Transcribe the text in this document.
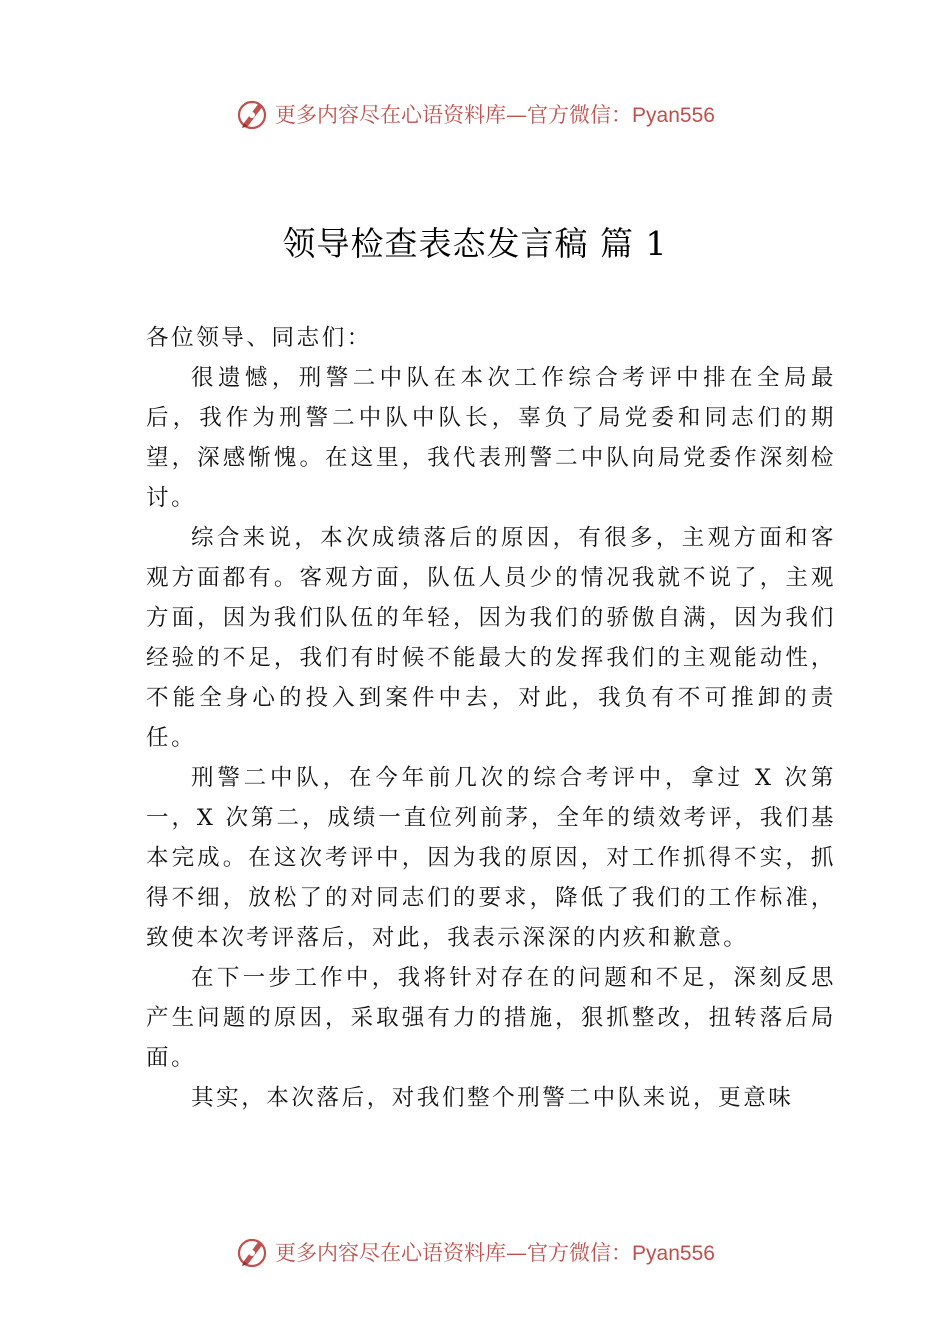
更多内容尽在心语资料库—官方微信：Pyan556
领导检查表态发言稿 篇 1

各位领导、同志们：

很遗憾，刑警二中队在本次工作综合考评中排在全局最后，我作为刑警二中队中队长，辜负了局党委和同志们的期望，深感惭愧。在这里，我代表刑警二中队向局党委作深刻检讨。

综合来说，本次成绩落后的原因，有很多，主观方面和客观方面都有。客观方面，队伍人员少的情况我就不说了，主观方面，因为我们队伍的年轻，因为我们的骄傲自满，因为我们经验的不足，我们有时候不能最大的发挥我们的主观能动性，不能全身心的投入到案件中去，对此，我负有不可推卸的责任。

刑警二中队，在今年前几次的综合考评中，拿过 X 次第一，X 次第二，成绩一直位列前茅，全年的绩效考评，我们基本完成。在这次考评中，因为我的原因，对工作抓得不实，抓得不细，放松了的对同志们的要求，降低了我们的工作标准，致使本次考评落后，对此，我表示深深的内疚和歉意。

在下一步工作中，我将针对存在的问题和不足，深刻反思产生问题的原因，采取强有力的措施，狠抓整改，扭转落后局面。

其实，本次落后，对我们整个刑警二中队来说，更意味

更多内容尽在心语资料库—官方微信：Pyan556
